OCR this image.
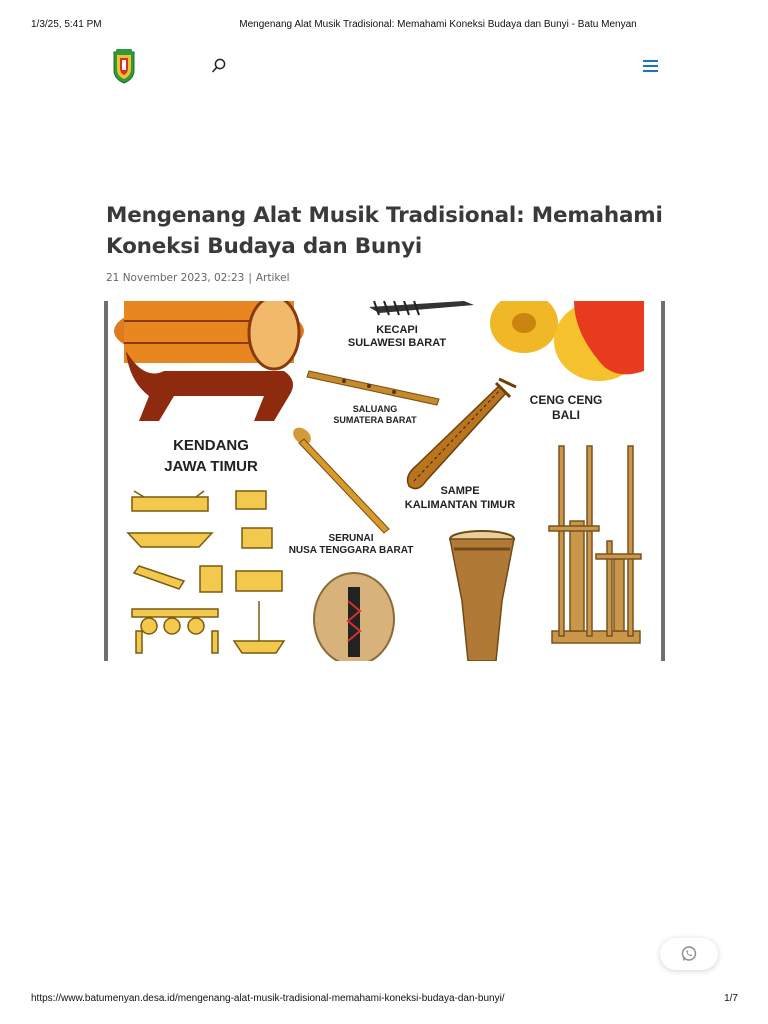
1/3/25, 5:41 PM	Mengenang Alat Musik Tradisional: Memahami Koneksi Budaya dan Bunyi - Batu Menyan
Mengenang Alat Musik Tradisional: Memahami Koneksi Budaya dan Bunyi
21 November 2023, 02:23 | Artikel
KECAPI
SULAWESI BARAT
CENG CENG
BALI
SALUANG
SUMATERA BARAT
KENDANG
JAWA TIMUR
SAMPE
KALIMANTAN TIMUR
SERUNAI
NUSA TENGGARA BARAT
https://www.batumenyan.desa.id/mengenang-alat-musik-tradisional-memahami-koneksi-budaya-dan-bunyi/	1/7
